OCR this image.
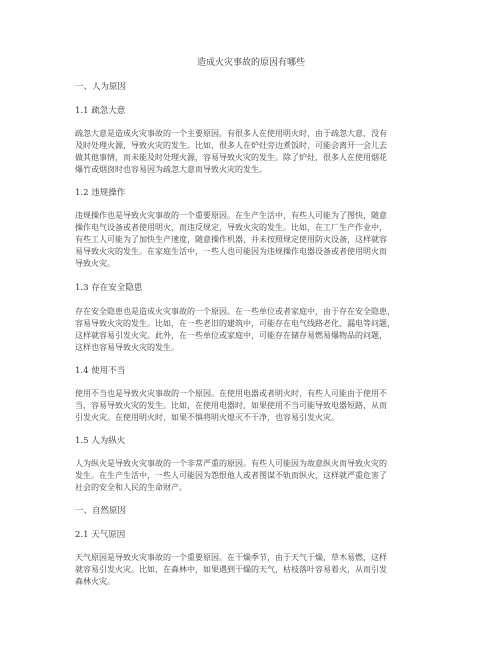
造成火灾事故的原因有哪些
一、人为原因
1.1 疏忽大意
疏忽大意是造成火灾事故的一个主要原因。有很多人在使用明火时，由于疏忽大意，没有
及时处理火源，导致火灾的发生。比如，很多人在炉灶旁边煮饭时，可能会离开一会儿去
做其他事情，而未能及时处理火源，容易导致火灾的发生。除了炉灶，很多人在使用烟花
爆竹或烟囱时也容易因为疏忽大意而导致火灾的发生。
1.2 违规操作
违规操作也是导致火灾事故的一个重要原因。在生产生活中，有些人可能为了图快，随意
操作电气设备或者使用明火，而违反规定，导致火灾的发生。比如，在工厂生产作业中，
有些工人可能为了加快生产速度，随意操作机器，并未按照规定使用防火设备，这样就容
易导致火灾的发生。在家庭生活中，一些人也可能因为违规操作电器设备或者使用明火而
导致火灾。
1.3 存在安全隐患
存在安全隐患也是造成火灾事故的一个原因。在一些单位或者家庭中，由于存在安全隐患，
容易导致火灾的发生。比如，在一些老旧的建筑中，可能存在电气线路老化、漏电等问题，
这样就容易引发火灾。此外，在一些单位或家庭中，可能存在储存易燃易爆物品的问题，
这样也容易导致火灾的发生。
1.4 使用不当
使用不当也是导致火灾事故的一个原因。在使用电器或者明火时，有些人可能由于使用不
当，容易导致火灾的发生。比如，在使用电器时，如果使用不当可能导致电器短路，从而
引发火灾。在使用明火时，如果不慎将明火熄灭不干净，也容易引发火灾。
1.5 人为纵火
人为纵火是导致火灾事故的一个非常严重的原因。有些人可能因为故意纵火而导致火灾的
发生。在生产生活中，一些人可能因为怨恨他人或者图谋不轨而纵火，这样就严重危害了
社会的安全和人民的生命财产。
一、自然原因
2.1 天气原因
天气原因是导致火灾事故的一个重要原因。在干燥季节，由于天气干燥，草木易燃，这样
就容易引发火灾。比如，在森林中，如果遇到干燥的天气，枯枝落叶容易着火，从而引发
森林火灾。
